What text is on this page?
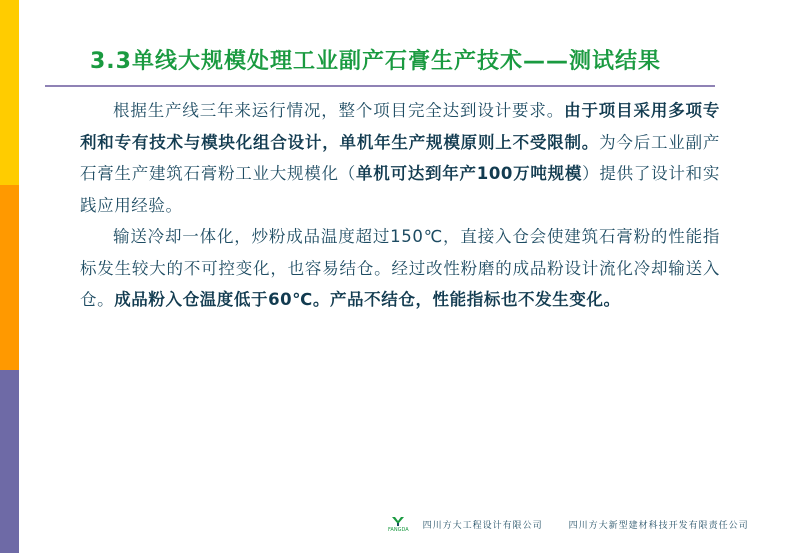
3.3单线大规模处理工业副产石膏生产技术——测试结果

根据生产线三年来运行情况，整个项目完全达到设计要求。由于项目采用多项专利和专有技术与模块化组合设计，单机年生产规模原则上不受限制。为今后工业副产石膏生产建筑石膏粉工业大规模化（单机可达到年产100万吨规模）提供了设计和实践应用经验。

输送冷却一体化，炒粉成品温度超过150℃，直接入仓会使建筑石膏粉的性能指标发生较大的不可控变化，也容易结仓。经过改性粉磨的成品粉设计流化冷却输送入仓。成品粉入仓温度低于60℃。产品不结仓，性能指标也不发生变化。

FANGDA 四川方大工程设计有限公司	四川方大新型建材科技开发有限责任公司
